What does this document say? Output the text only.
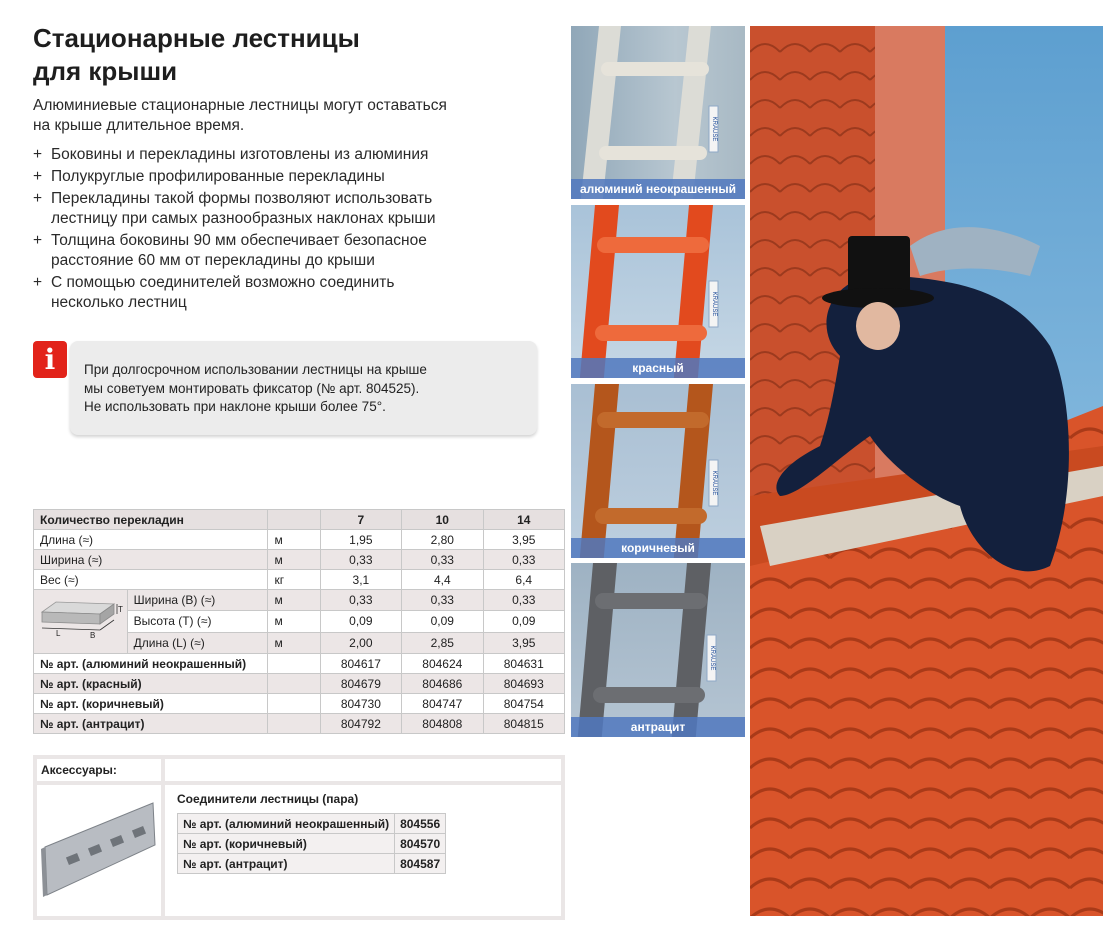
Стационарные лестницы
для крыши

Алюминиевые стационарные лестницы могут оставаться
на крыше длительное время.

+ Боковины и перекладины изготовлены из алюминия
+ Полукруглые профилированные перекладины
+ Перекладины такой формы позволяют использовать
лестницу при самых разнообразных наклонах крыши
+ Толщина боковины 90 мм обеспечивает безопасное
расстояние 60 мм от перекладины до крыши
+ С помощью соединителей возможно соединить
несколько лестниц
i	При долгосрочном использовании лестницы на крыше
мы советуем монтировать фиксатор (№ арт. 804525).
Не использовать при наклоне крыши более 75°.

Количество перекладин			7	10	14
Длина (≈)		м	1,95	2,80	3,95
Ширина (≈)		м	0,33	0,33	0,33
Вес (≈)		кг	3,1	4,4	6,4

T
L B	Ширина (B) (≈)	м	0,33	0,33	0,33
	Высота (T) (≈)	м	0,09	0,09	0,09
	Длина (L) (≈)	м	2,00	2,85	3,95
№ арт. (алюминий неокрашенный)			804617	804624	804631
№ арт. (красный)			804679	804686	804693
№ арт. (коричневый)			804730	804747	804754
№ арт. (антрацит)			804792	804808	804815
Аксессуары:
Соединители лестницы (пара)
№ арт. (алюминий неокрашенный)	804556
№ арт. (коричневый)	804570
№ арт. (антрацит)	804587
KRAUSE
алюминий неокрашенный
KRAUSE
красный
KRAUSE
коричневый
KRAUSE
антрацит
